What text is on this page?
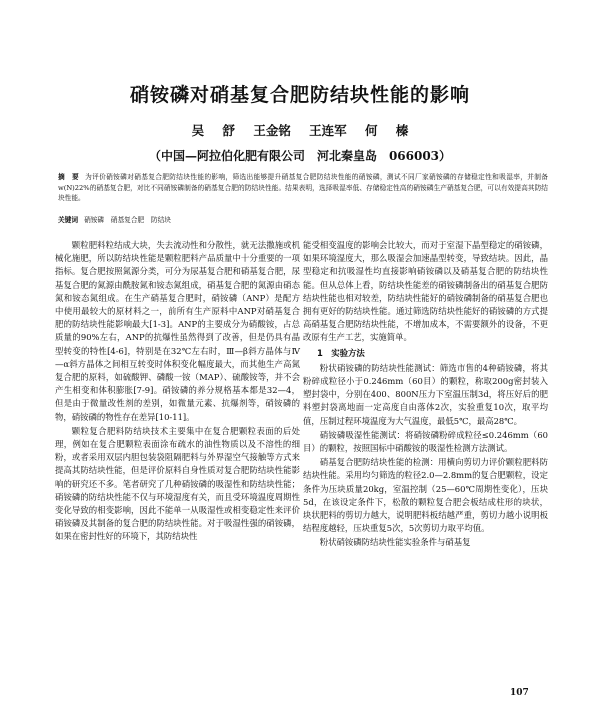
硝铵磷对硝基复合肥防结块性能的影响
吴 舒 王金铭 王连军 何 榛
（中国—阿拉伯化肥有限公司　河北秦皇岛　066003）
摘　要 为评价硝铵磷对硝基复合肥防结块性能的影响，筛选出能够提升硝基复合肥防结块性能的硝铵磷，测试不同厂家硝铵磷的存储稳定性和吸湿率，并制备w(N)22%的硝基复合肥，对比不同硝铵磷制备的硝基复合肥的防结块性能。结果表明，选择吸湿率低、存储稳定性高的硝铵磷生产硝基复合肥，可以有效提高其防结块性能。
关键词 硝铵磷　硝基复合肥　防结块

颗粒肥料粒结成大块，失去流动性和分散性，就无法撒施或机械化施肥，所以防结块性能是颗粒肥料产品质量中十分重要的一项指标。复合肥按照氮源分类，可分为尿基复合肥和硝基复合肥，尿基复合肥的氮源由酰胺氮和铵态氮组成，硝基复合肥的氮源由硝态氮和铵态氮组成。在生产硝基复合肥时，硝铵磷（ANP）是配方中使用最较大的原材料之一，前所有生产原料中ANP对硝基复合肥的防结块性能影响最大[1-3]。ANP的主要成分为硝酸铵，占总质量的90%左右，ANP的抗爆性虽然得到了改善，但是仍具有晶型转变的特性[4-6]，特别是在32℃左右时，Ⅲ—β斜方晶体与Ⅳ—α斜方晶体之间相互转变时体积变化幅度最大，而其他生产高氮复合肥的原料，如硫酸钾、磷酸一铵（MAP）、硫酸铵等，并不会产生相变和体积膨胀[7-9]。硝铵磷的养分规格基本都是32—4，但是由于微量改性剂的差别，如微量元素、抗爆剂等，硝铵磷的物，硝铵磷的物性存在差异[10-11]。

颗粒复合肥料防结块技术主要集中在复合肥颗粒表面的后处理，例如在复合肥颗粒表面涂布疏水的油性物质以及不溶性的细粉，或者采用双层内胆包装袋阻隔肥料与外界湿空气接触等方式来提高其防结块性能，但是评价原料自身性质对复合肥防结块性能影响的研究还不多。笔者研究了几种硝铵磷的吸湿性和防结块性能；硝铵磷的防结块性能不仅与环境湿度有关，而且受环境温度周期性变化导致的相变影响，因此不能单一从吸湿性或相变稳定性来评价硝铵磷及其制备的复合肥的防结块性能。对于吸湿性强的硝铵磷，如果在密封性好的环境下，其防结块性

能受相变温度的影响会比较大，而对于室湿下晶型稳定的硝铵磷，如果环境湿度大，那么吸湿会加速晶型转变，导致结块。因此，晶型稳定和抗吸湿性均直接影响硝铵磷以及硝基复合肥的防结块性能。但从总体上看，防结块性能差的硝铵磷制备出的硝基复合肥防结块性能也相对较差，防结块性能好的硝铵磷制备的硝基复合肥也拥有更好的防结块性能。通过筛选防结块性能好的硝铵磷的方式提高硝基复合肥防结块性能，不增加成本，不需要额外的设备，不更改原有生产工艺，实施简单。

1　实验方法

粉状硝铵磷的防结块性能测试：筛选市售的4种硝铵磷，将其粉碎成粒径小于0.246mm（60目）的颗粒，称取200g密封装入塑封袋中，分别在400、800N压力下室温压制3d，将压好后的肥料塑封袋离地面一定高度自由落体2次，实验重复10次，取平均值，压制过程环境温度为大气温度，最低5℃，最高28℃。

硝铵磷吸湿性能测试：将硝铵磷粉碎成粒径≤0.246mm（60目）的颗粒，按照国标中硝酸铵的吸湿性检测方法测试。

硝基复合肥防结块性能的检测：用横向剪切力评价颗粒肥料防结块性能。采用均匀筛选的粒径2.0—2.8mm的复合肥颗粒，设定条件为压块质量20kg，室温控制（25—60℃周期性变化），压块5d，在该设定条件下，松散的颗粒复合肥会板结成柱形的块状，块状肥料的剪切力越大，说明肥料板结越严重，剪切力越小说明板结程度越轻，压块重复5次，5次剪切力取平均值。

粉状硝铵磷防结块性能实验条件与硝基复

107
